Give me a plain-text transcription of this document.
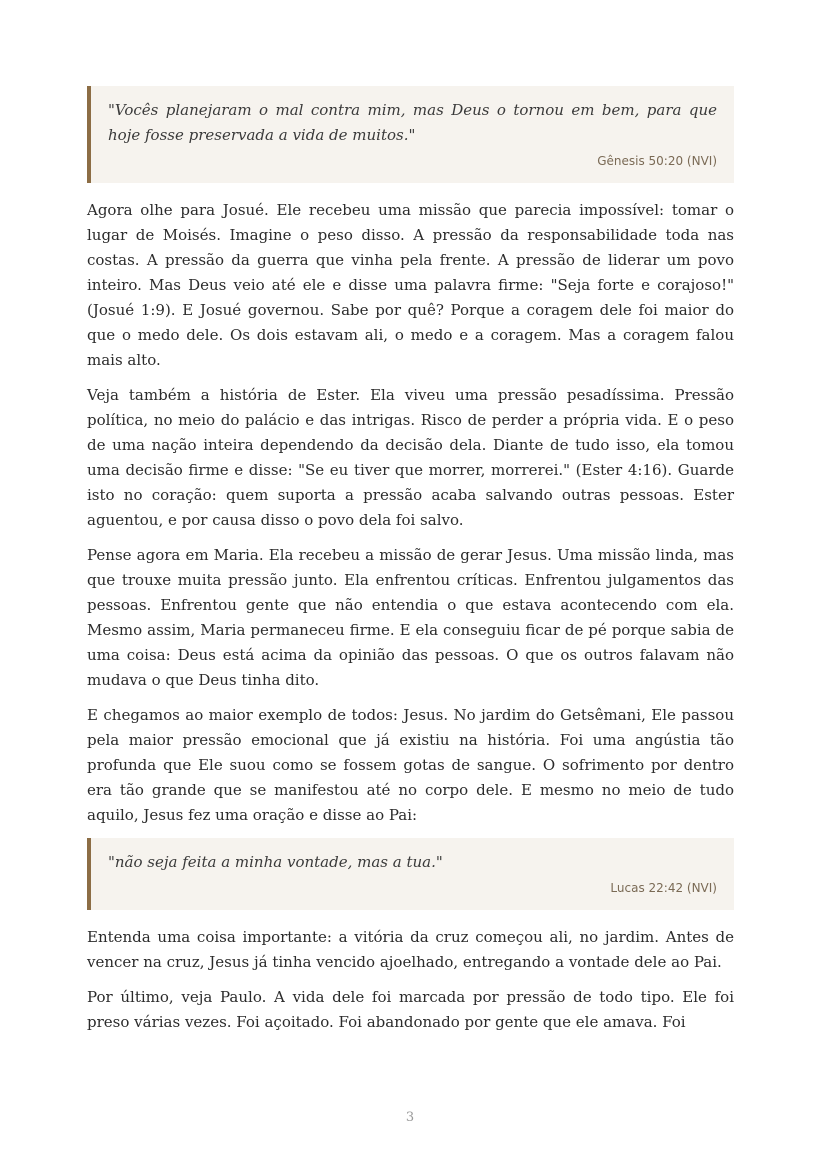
"Vocês planejaram o mal contra mim, mas Deus o tornou em bem, para que hoje fosse preservada a vida de muitos."

Gênesis 50:20 (NVI)

Agora olhe para Josué. Ele recebeu uma missão que parecia impossível: tomar o lugar de Moisés. Imagine o peso disso. A pressão da responsabilidade toda nas costas. A pressão da guerra que vinha pela frente. A pressão de liderar um povo inteiro. Mas Deus veio até ele e disse uma palavra firme: "Seja forte e corajoso!" (Josué 1:9). E Josué governou. Sabe por quê? Porque a coragem dele foi maior do que o medo dele. Os dois estavam ali, o medo e a coragem. Mas a coragem falou mais alto.

Veja também a história de Ester. Ela viveu uma pressão pesadíssima. Pressão política, no meio do palácio e das intrigas. Risco de perder a própria vida. E o peso de uma nação inteira dependendo da decisão dela. Diante de tudo isso, ela tomou uma decisão firme e disse: "Se eu tiver que morrer, morrerei." (Ester 4:16). Guarde isto no coração: quem suporta a pressão acaba salvando outras pessoas. Ester aguentou, e por causa disso o povo dela foi salvo.

Pense agora em Maria. Ela recebeu a missão de gerar Jesus. Uma missão linda, mas que trouxe muita pressão junto. Ela enfrentou críticas. Enfrentou julgamentos das pessoas. Enfrentou gente que não entendia o que estava acontecendo com ela. Mesmo assim, Maria permaneceu firme. E ela conseguiu ficar de pé porque sabia de uma coisa: Deus está acima da opinião das pessoas. O que os outros falavam não mudava o que Deus tinha dito.

E chegamos ao maior exemplo de todos: Jesus. No jardim do Getsêmani, Ele passou pela maior pressão emocional que já existiu na história. Foi uma angústia tão profunda que Ele suou como se fossem gotas de sangue. O sofrimento por dentro era tão grande que se manifestou até no corpo dele. E mesmo no meio de tudo aquilo, Jesus fez uma oração e disse ao Pai:

"não seja feita a minha vontade, mas a tua."

Lucas 22:42 (NVI)

Entenda uma coisa importante: a vitória da cruz começou ali, no jardim. Antes de vencer na cruz, Jesus já tinha vencido ajoelhado, entregando a vontade dele ao Pai.

Por último, veja Paulo. A vida dele foi marcada por pressão de todo tipo. Ele foi preso várias vezes. Foi açoitado. Foi abandonado por gente que ele amava. Foi

3
